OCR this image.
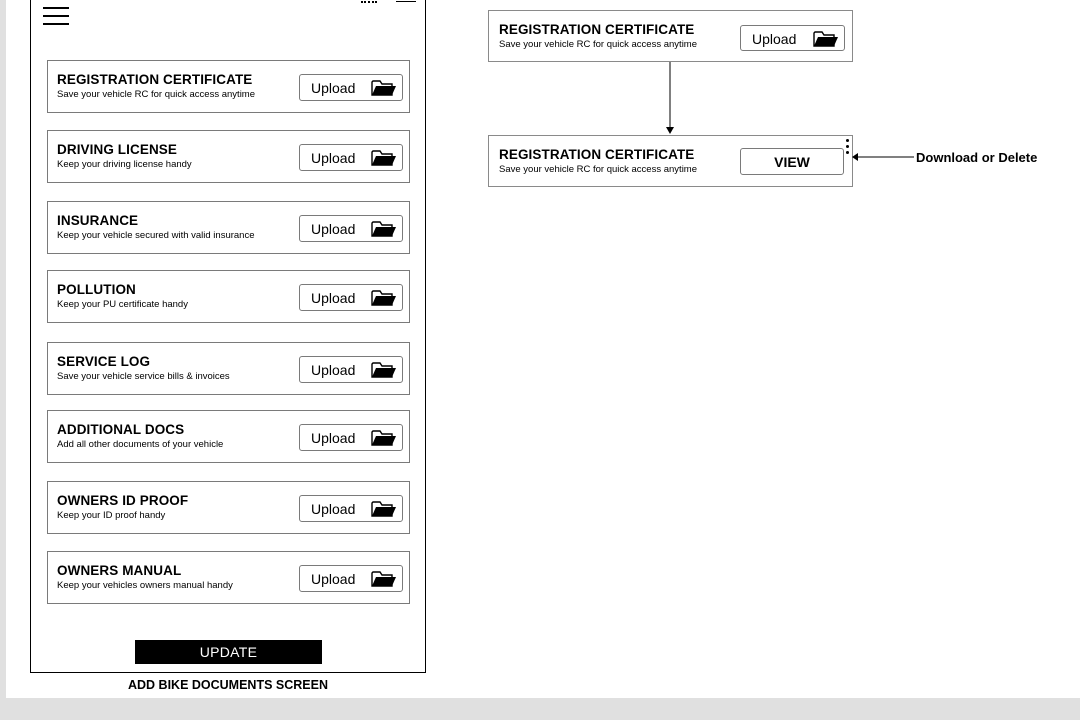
REGISTRATION CERTIFICATE
Save your vehicle RC for quick access anytime	Upload
DRIVING LICENSE
Keep your driving license handy	Upload
INSURANCE
Keep your vehicle secured with valid insurance	Upload
POLLUTION
Keep your PU certificate handy	Upload
SERVICE LOG
Save your vehicle service bills & invoices	Upload
ADDITIONAL DOCS
Add all other documents of your vehicle	Upload
OWNERS ID PROOF
Keep your ID proof handy	Upload
OWNERS MANUAL
Keep your vehicles owners manual handy	Upload
UPDATE
ADD BIKE DOCUMENTS SCREEN
REGISTRATION CERTIFICATE
Save your vehicle RC for quick access anytime	Upload
REGISTRATION CERTIFICATE
Save your vehicle RC for quick access anytime	VIEW	Download or Delete
